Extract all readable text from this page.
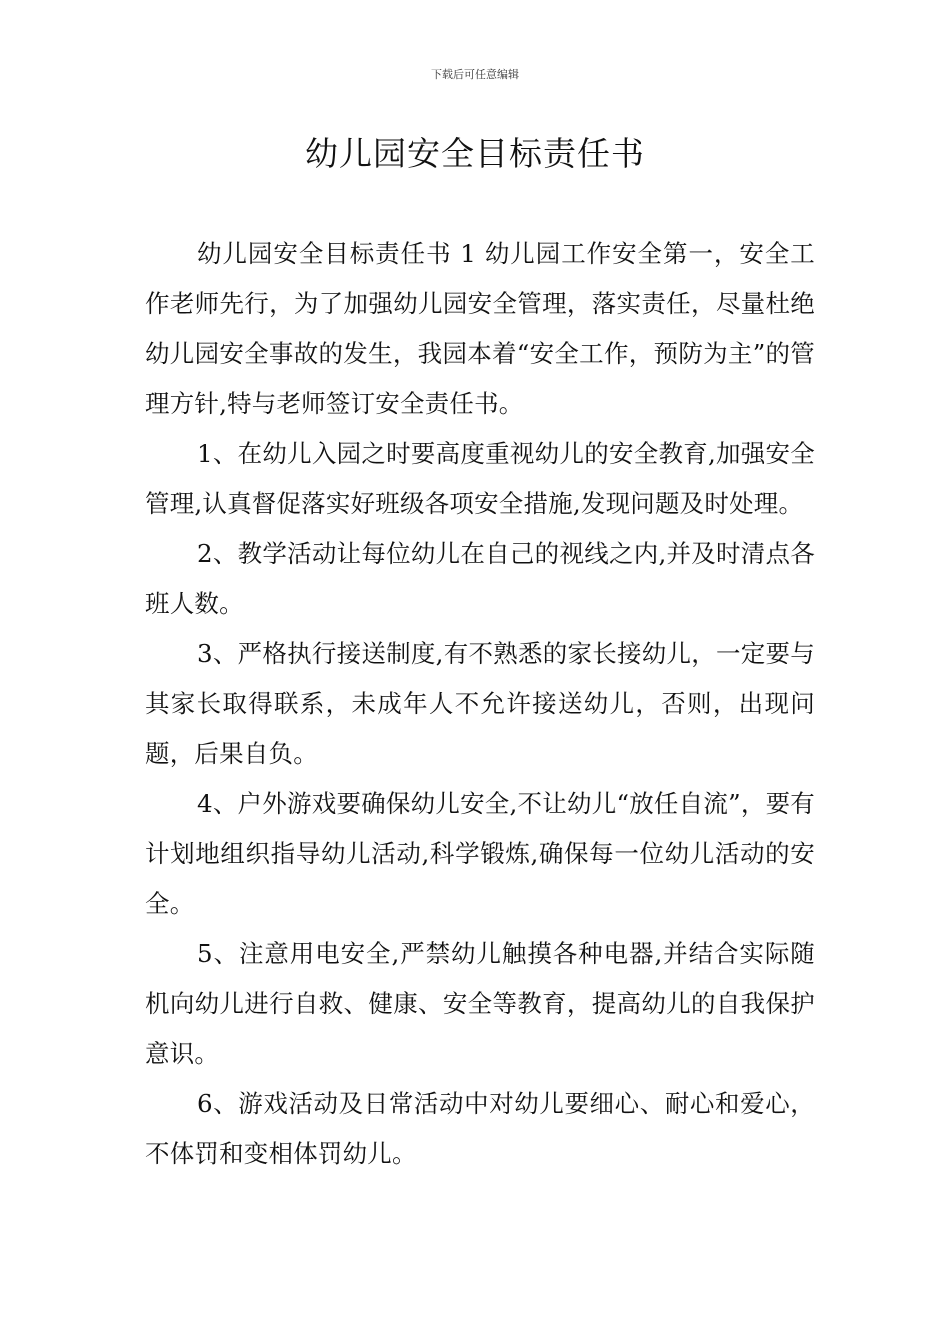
下载后可任意编辑
幼儿园安全目标责任书

幼儿园安全目标责任书 1 幼儿园工作安全第一，安全工作老师先行，为了加强幼儿园安全管理，落实责任，尽量杜绝幼儿园安全事故的发生，我园本着“安全工作，预防为主”的管理方针,特与老师签订安全责任书。

1、在幼儿入园之时要高度重视幼儿的安全教育,加强安全管理,认真督促落实好班级各项安全措施,发现问题及时处理。

2、教学活动让每位幼儿在自己的视线之内,并及时清点各班人数。

3、严格执行接送制度,有不熟悉的家长接幼儿，一定要与其家长取得联系，未成年人不允许接送幼儿，否则，出现问题，后果自负。

4、户外游戏要确保幼儿安全,不让幼儿“放任自流”，要有计划地组织指导幼儿活动,科学锻炼,确保每一位幼儿活动的安全。

5、注意用电安全,严禁幼儿触摸各种电器,并结合实际随机向幼儿进行自救、健康、安全等教育，提高幼儿的自我保护意识。

6、游戏活动及日常活动中对幼儿要细心、耐心和爱心，不体罚和变相体罚幼儿。
